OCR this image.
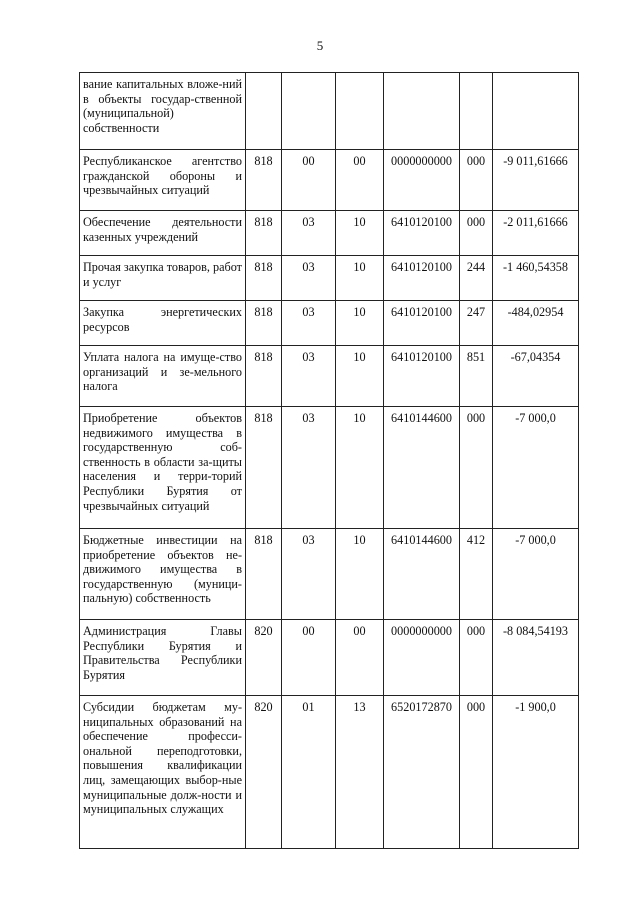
5
вание капитальных вложе-ний в объекты государ-ственной (муниципальной) собственности						
Республиканское агентство гражданской обороны и чрезвычайных ситуаций	818	00	00	0000000000	000	-9 011,61666
Обеспечение деятельности казенных учреждений	818	03	10	6410120100	000	-2 011,61666
Прочая закупка товаров, работ и услуг	818	03	10	6410120100	244	-1 460,54358
Закупка энергетических ресурсов	818	03	10	6410120100	247	-484,02954
Уплата налога на имуще-ство организаций и зе-мельного налога	818	03	10	6410120100	851	-67,04354
Приобретение объектов недвижимого имущества в государственную соб-ственность в области за-щиты населения и терри-торий Республики Бурятия от чрезвычайных ситуаций	818	03	10	6410144600	000	-7 000,0
Бюджетные инвестиции на приобретение объектов не-движимого имущества в государственную (муници-пальную) собственность	818	03	10	6410144600	412	-7 000,0
Администрация Главы Республики Бурятия и Правительства Республики Бурятия	820	00	00	0000000000	000	-8 084,54193
Субсидии бюджетам му-ниципальных образований на обеспечение професси-ональной переподготовки, повышения квалификации лиц, замещающих выбор-ные муниципальные долж-ности и муниципальных служащих	820	01	13	6520172870	000	-1 900,0
